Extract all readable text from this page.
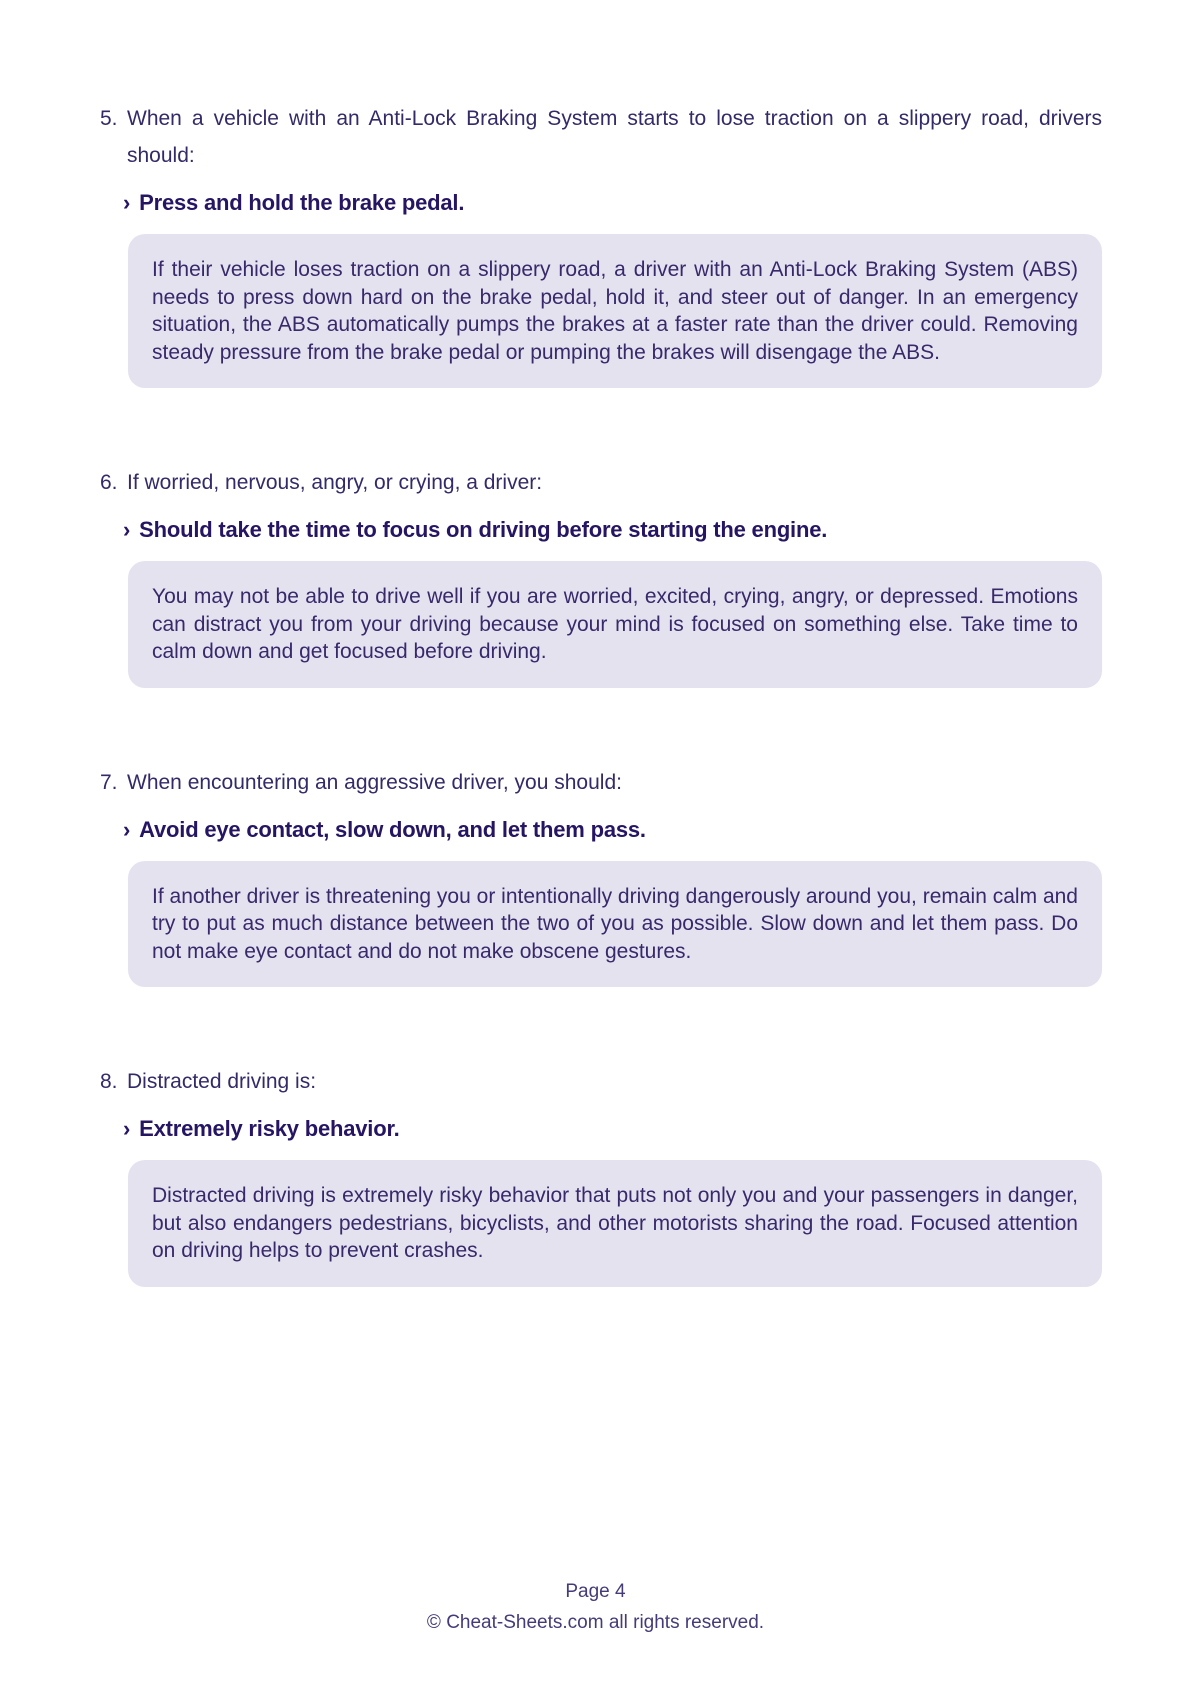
5. When a vehicle with an Anti-Lock Braking System starts to lose traction on a slippery road, drivers should:
› Press and hold the brake pedal.

If their vehicle loses traction on a slippery road, a driver with an Anti-Lock Braking System (ABS) needs to press down hard on the brake pedal, hold it, and steer out of danger. In an emergency situation, the ABS automatically pumps the brakes at a faster rate than the driver could. Removing steady pressure from the brake pedal or pumping the brakes will disengage the ABS.

6. If worried, nervous, angry, or crying, a driver:
› Should take the time to focus on driving before starting the engine.

You may not be able to drive well if you are worried, excited, crying, angry, or depressed. Emotions can distract you from your driving because your mind is focused on something else. Take time to calm down and get focused before driving.

7. When encountering an aggressive driver, you should:
› Avoid eye contact, slow down, and let them pass.

If another driver is threatening you or intentionally driving dangerously around you, remain calm and try to put as much distance between the two of you as possible. Slow down and let them pass. Do not make eye contact and do not make obscene gestures.

8. Distracted driving is:
› Extremely risky behavior.

Distracted driving is extremely risky behavior that puts not only you and your passengers in danger, but also endangers pedestrians, bicyclists, and other motorists sharing the road. Focused attention on driving helps to prevent crashes.

Page 4
© Cheat-Sheets.com all rights reserved.
